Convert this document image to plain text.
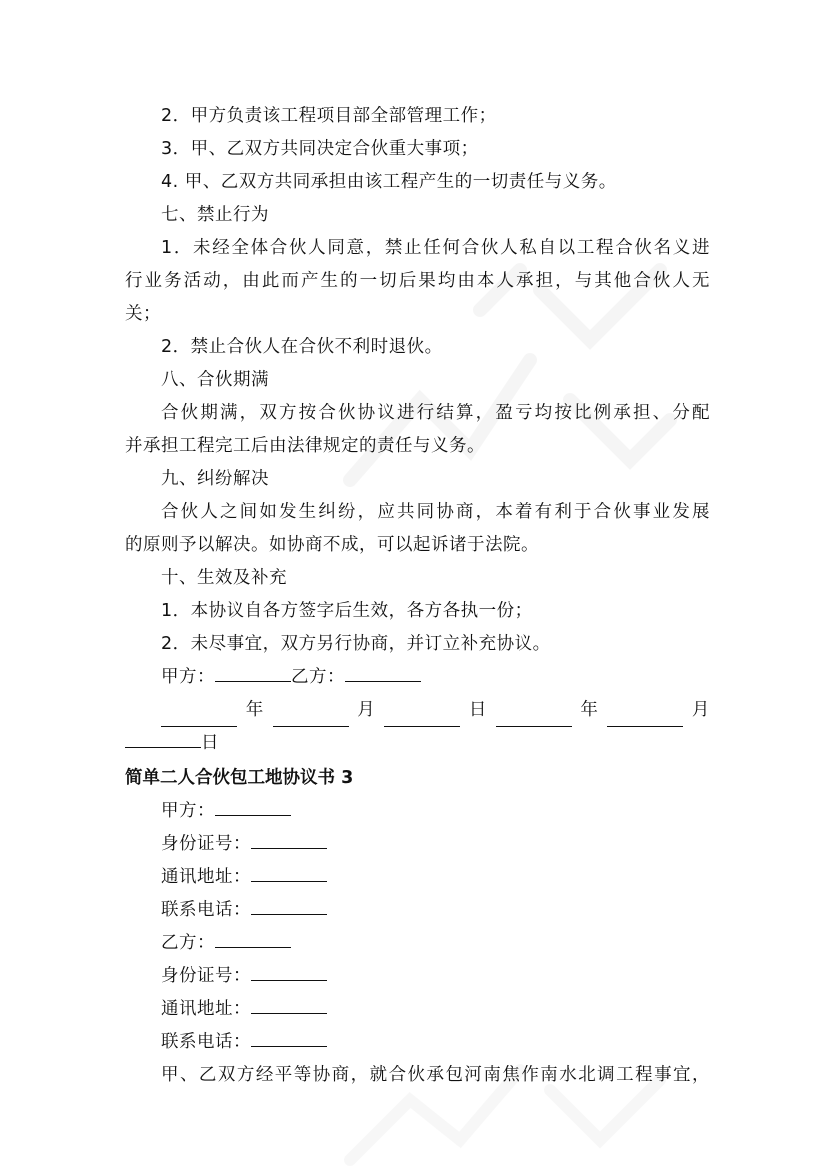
2．甲方负责该工程项目部全部管理工作；
3．甲、乙双方共同决定合伙重大事项；
4. 甲、乙双方共同承担由该工程产生的一切责任与义务。
七、禁止行为
1．未经全体合伙人同意，禁止任何合伙人私自以工程合伙名义进
行业务活动，由此而产生的一切后果均由本人承担，与其他合伙人无
关；
2．禁止合伙人在合伙不利时退伙。
八、合伙期满
合伙期满，双方按合伙协议进行结算，盈亏均按比例承担、分配
并承担工程完工后由法律规定的责任与义务。
九、纠纷解决
合伙人之间如发生纠纷，应共同协商，本着有利于合伙事业发展
的原则予以解决。如协商不成，可以起诉诸于法院。
十、生效及补充
1．本协议自各方签字后生效，各方各执一份；
2．未尽事宜，双方另行协商，并订立补充协议。
甲方：	乙方：
年	月	日	年	月
日
简单二人合伙包工地协议书 3
甲方：
身份证号：
通讯地址：
联系电话：
乙方：
身份证号：
通讯地址：
联系电话：
甲、乙双方经平等协商，就合伙承包河南焦作南水北调工程事宜，
